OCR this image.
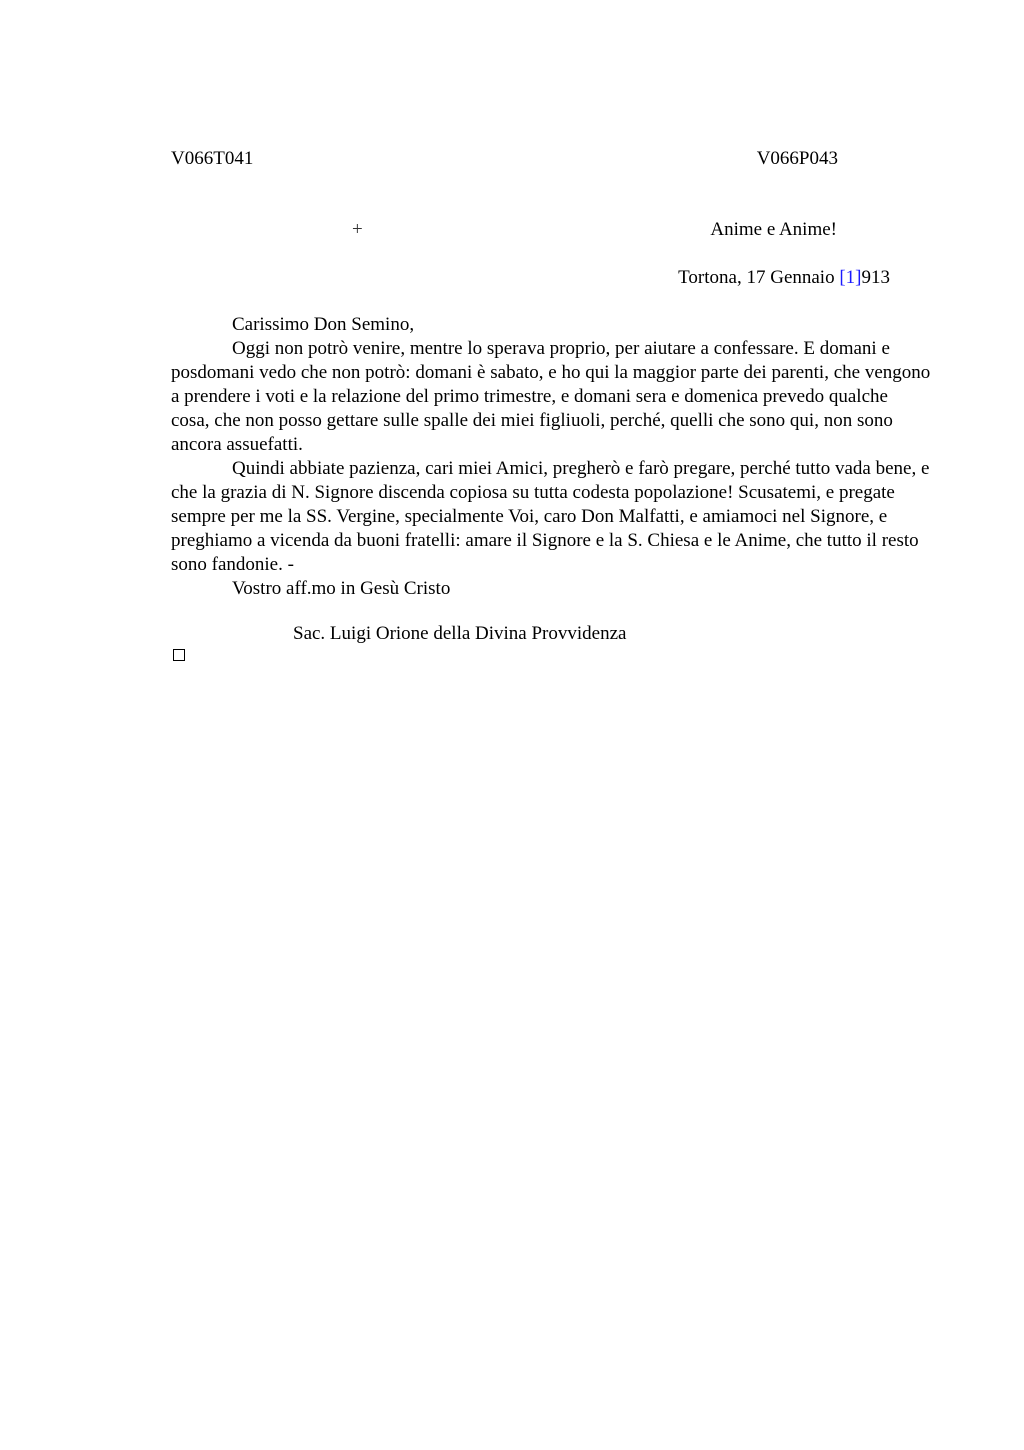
V066T041	V066P043
+	Anime e Anime!
Tortona, 17 Gennaio [1]913

Carissimo Don Semino,

Oggi non potrò venire, mentre lo sperava proprio, per aiutare a confessare. E domani e posdomani vedo che non potrò: domani è sabato, e ho qui la maggior parte dei parenti, che vengono a prendere i voti e la relazione del primo trimestre, e domani sera e domenica prevedo qualche cosa, che non posso gettare sulle spalle dei miei figliuoli, perché, quelli che sono qui, non sono ancora assuefatti.

Quindi abbiate pazienza, cari miei Amici, pregherò e farò pregare, perché tutto vada bene, e che la grazia di N. Signore discenda copiosa su tutta codesta popolazione! Scusatemi, e pregate sempre per me la SS. Vergine, specialmente Voi, caro Don Malfatti, e amiamoci nel Signore, e preghiamo a vicenda da buoni fratelli: amare il Signore e la S. Chiesa e le Anime, che tutto il resto sono fandonie. -

Vostro aff.mo in Gesù Cristo

Sac. Luigi Orione della Divina Provvidenza
